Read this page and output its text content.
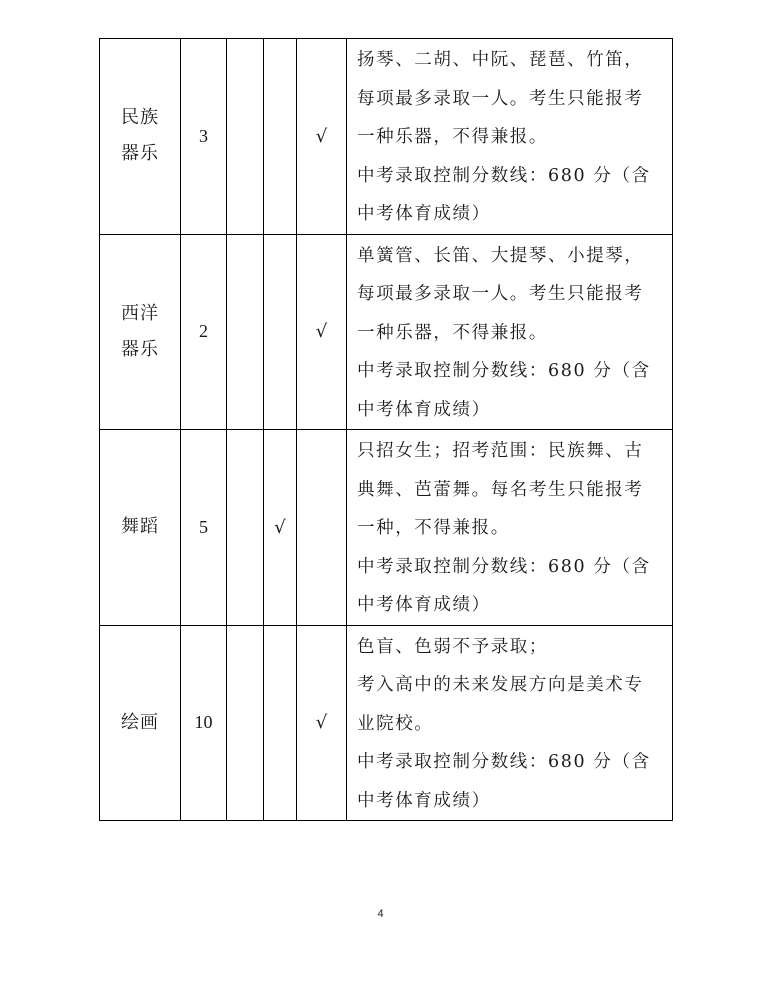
民族
器乐	3			√	扬琴、二胡、中阮、琵琶、竹笛，
每项最多录取一人。考生只能报考
一种乐器，不得兼报。
中考录取控制分数线：680 分（含
中考体育成绩）

西洋
器乐	2			√	单簧管、长笛、大提琴、小提琴，
每项最多录取一人。考生只能报考
一种乐器，不得兼报。
中考录取控制分数线：680 分（含
中考体育成绩）

舞蹈	5		√		只招女生；招考范围：民族舞、古
典舞、芭蕾舞。每名考生只能报考
一种，不得兼报。
中考录取控制分数线：680 分（含
中考体育成绩）

绘画	10			√	色盲、色弱不予录取；
考入高中的未来发展方向是美术专
业院校。
中考录取控制分数线：680 分（含
中考体育成绩）
4
